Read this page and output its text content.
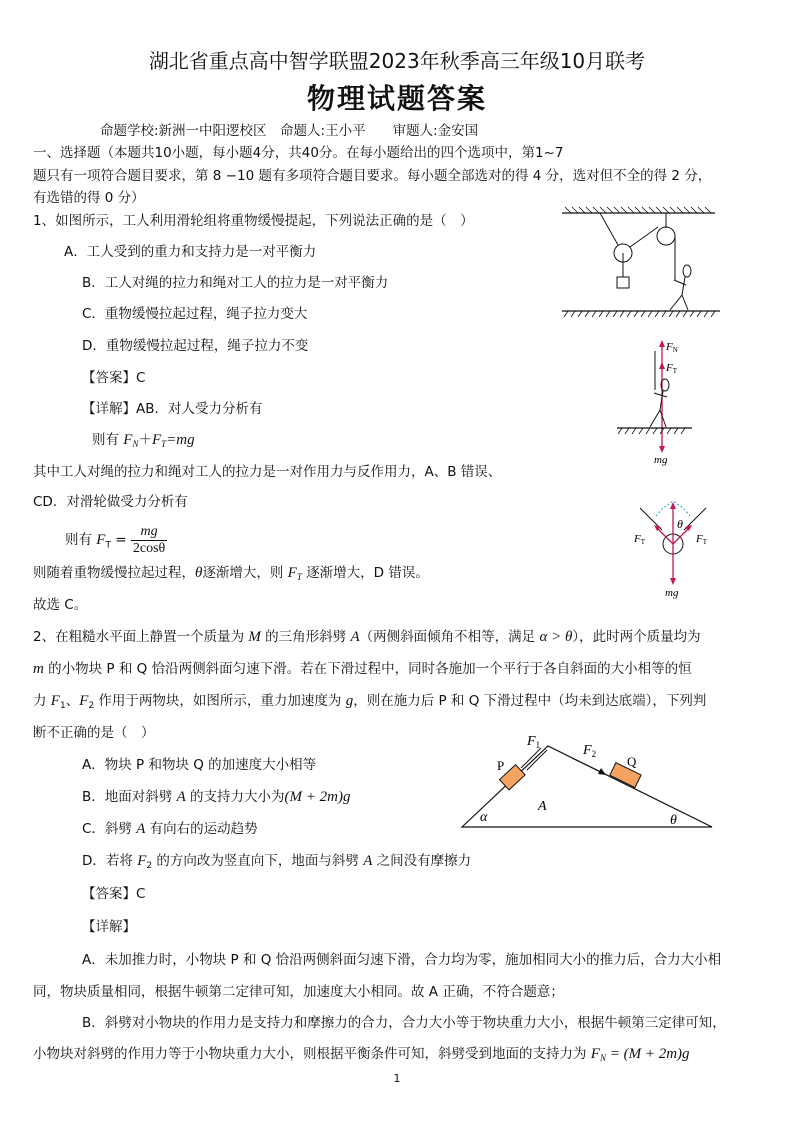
湖北省重点高中智学联盟2023年秋季高三年级10月联考
物理试题答案
命题学校:新洲一中阳逻校区　命题人:王小平　　审题人:金安国
一、选择题（本题共10小题，每小题4分，共40分。在每小题给出的四个选项中，第1~7
题只有一项符合题目要求，第 8 −10 题有多项符合题目要求。每小题全部选对的得 4 分，选对但不全的得 2 分，
有选错的得 0 分）
1、如图所示，工人利用滑轮组将重物缓慢提起，下列说法正确的是（　）
A．工人受到的重力和支持力是一对平衡力
B．工人对绳的拉力和绳对工人的拉力是一对平衡力
C．重物缓慢拉起过程，绳子拉力变大
D．重物缓慢拉起过程，绳子拉力不变
【答案】C
【详解】AB．对人受力分析有
则有 $F_N+F_T=mg$
其中工人对绳的拉力和绳对工人的拉力是一对作用力与反作用力，A、B 错误、
CD．对滑轮做受力分析有
则随着重物缓慢拉起过程，θ逐渐增大，则 $F_T$ 逐渐增大，D 错误。
故选 C。
2、在粗糙水平面上静置一个质量为 M 的三角形斜劈 A（两侧斜面倾角不相等，满足 α > θ），此时两个质量均为
m 的小物块 P 和 Q 恰沿两侧斜面匀速下滑。若在下滑过程中，同时各施加一个平行于各自斜面的大小相等的恒
力 $F_1$、$F_2$ 作用于两物块，如图所示，重力加速度为 g，则在施力后 P 和 Q 下滑过程中（均未到达底端），下列判
断不正确的是（　）
A．物块 P 和物块 Q 的加速度大小相等
B．地面对斜劈 A 的支持力大小为(M + 2m)g
C．斜劈 A 有向右的运动趋势
D．若将 $F_2$ 的方向改为竖直向下，地面与斜劈 A 之间没有摩擦力
【答案】C
【详解】
A．未加推力时，小物块 P 和 Q 恰沿两侧斜面匀速下滑，合力均为零，施加相同大小的推力后，合力大小相
同，物块质量相同，根据牛顿第二定律可知，加速度大小相同。故 A 正确，不符合题意；
B．斜劈对小物块的作用力是支持力和摩擦力的合力，合力大小等于物块重力大小，根据牛顿第三定律可知，
小物块对斜劈的作用力等于小物块重力大小，则根据平衡条件可知，斜劈受到地面的支持力为 $F_N = (M + 2m)g$
则有 $F_T = \frac{mg}{2\cos\theta}$
FN
FT
mg
θ
FT	FT
mg
$F_1$	$F_2$
P	Q
A
α	θ
1
